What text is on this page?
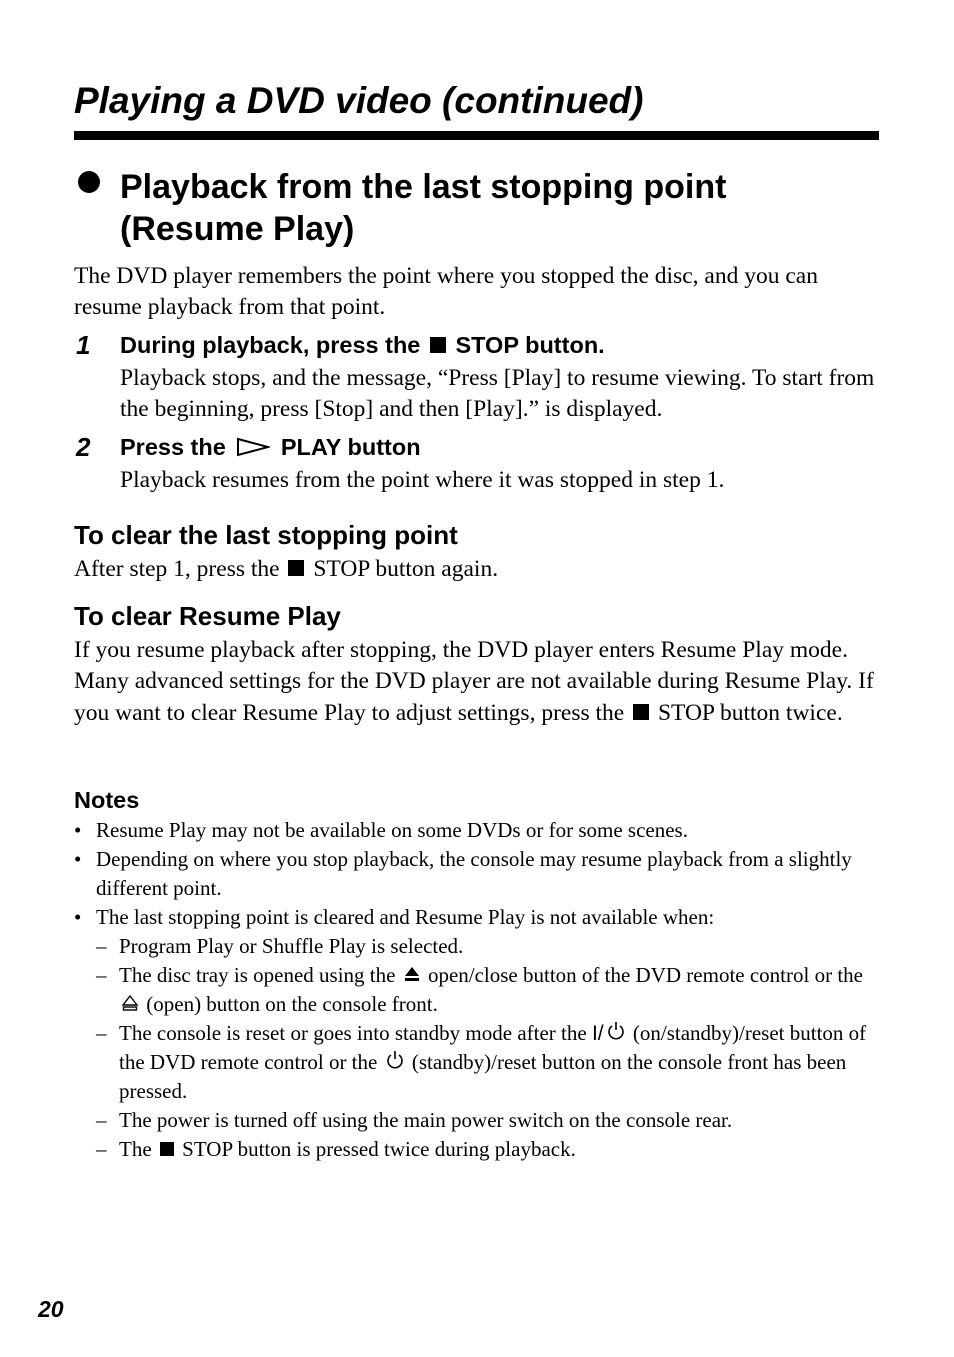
Playing a DVD video (continued)
Playback from the last stopping point
(Resume Play)
The DVD player remembers the point where you stopped the disc, and you can resume playback from that point.
1 During playback, press the STOP button.
Playback stops, and the message, “Press [Play] to resume viewing. To start from the beginning, press [Stop] and then [Play].” is displayed.
2 Press the PLAY button
Playback resumes from the point where it was stopped in step 1.
To clear the last stopping point
After step 1, press the STOP button again.
To clear Resume Play
If you resume playback after stopping, the DVD player enters Resume Play mode. Many advanced settings for the DVD player are not available during Resume Play. If you want to clear Resume Play to adjust settings, press the STOP button twice.
Notes
• Resume Play may not be available on some DVDs or for some scenes.
• Depending on where you stop playback, the console may resume playback from a slightly different point.
• The last stopping point is cleared and Resume Play is not available when:
– Program Play or Shuffle Play is selected.
– The disc tray is opened using the open/close button of the DVD remote control or the  (open) button on the console front.
– The console is reset or goes into standby mode after the I/ (on/standby)/reset button of the DVD remote control or the (standby)/reset button on the console front has been pressed.
– The power is turned off using the main power switch on the console rear.
– The STOP button is pressed twice during playback.
20
